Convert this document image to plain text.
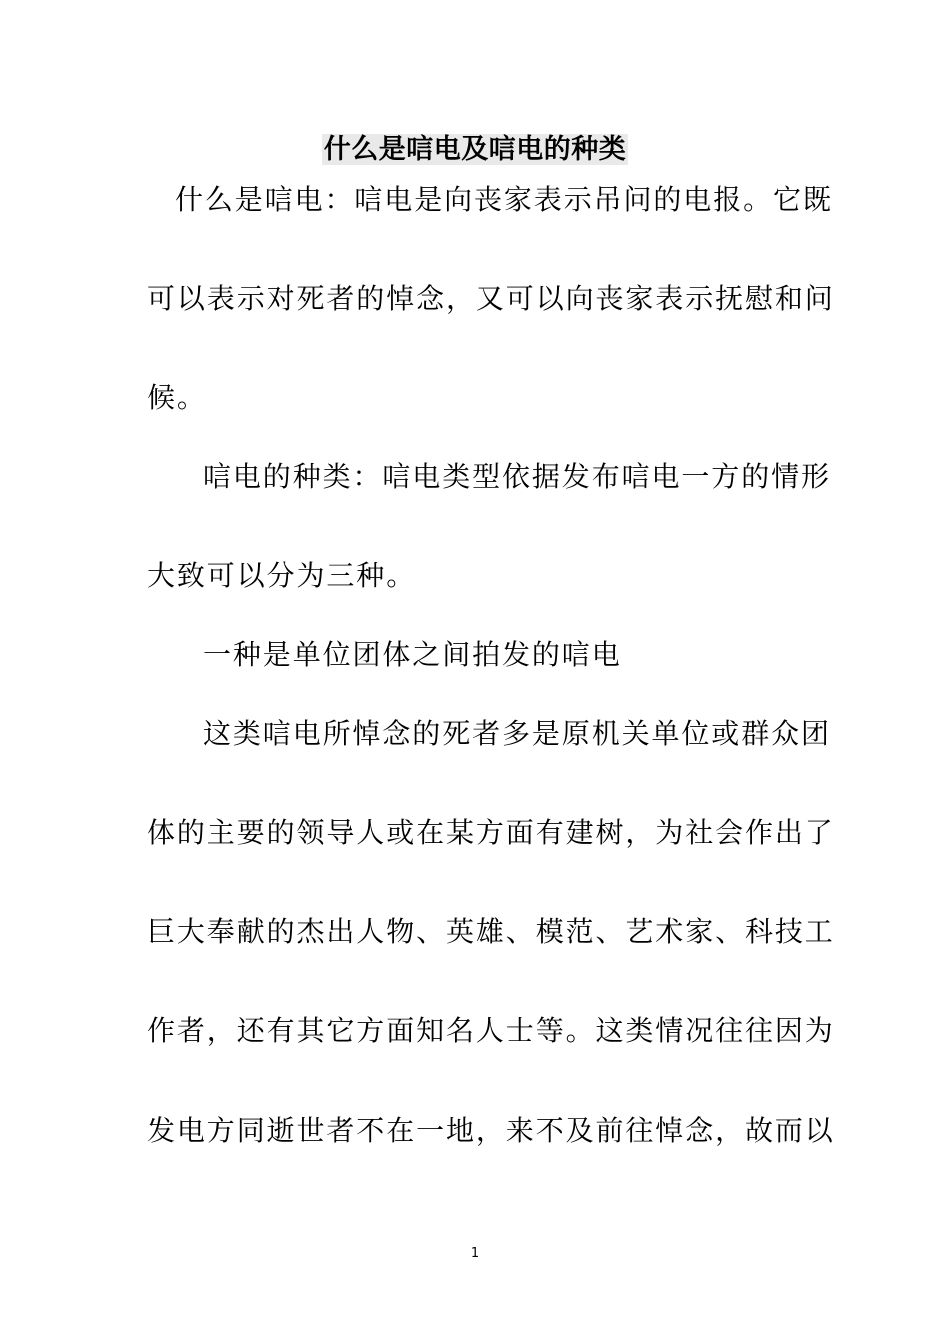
什么是唁电及唁电的种类
什么是唁电：唁电是向丧家表示吊问的电报。它既
可以表示对死者的悼念，又可以向丧家表示抚慰和问
候。
唁电的种类：唁电类型依据发布唁电一方的情形
大致可以分为三种。
一种是单位团体之间拍发的唁电
这类唁电所悼念的死者多是原机关单位或群众团
体的主要的领导人或在某方面有建树，为社会作出了
巨大奉献的杰出人物、英雄、模范、艺术家、科技工
作者，还有其它方面知名人士等。这类情况往往因为
发电方同逝世者不在一地，来不及前往悼念，故而以
1
